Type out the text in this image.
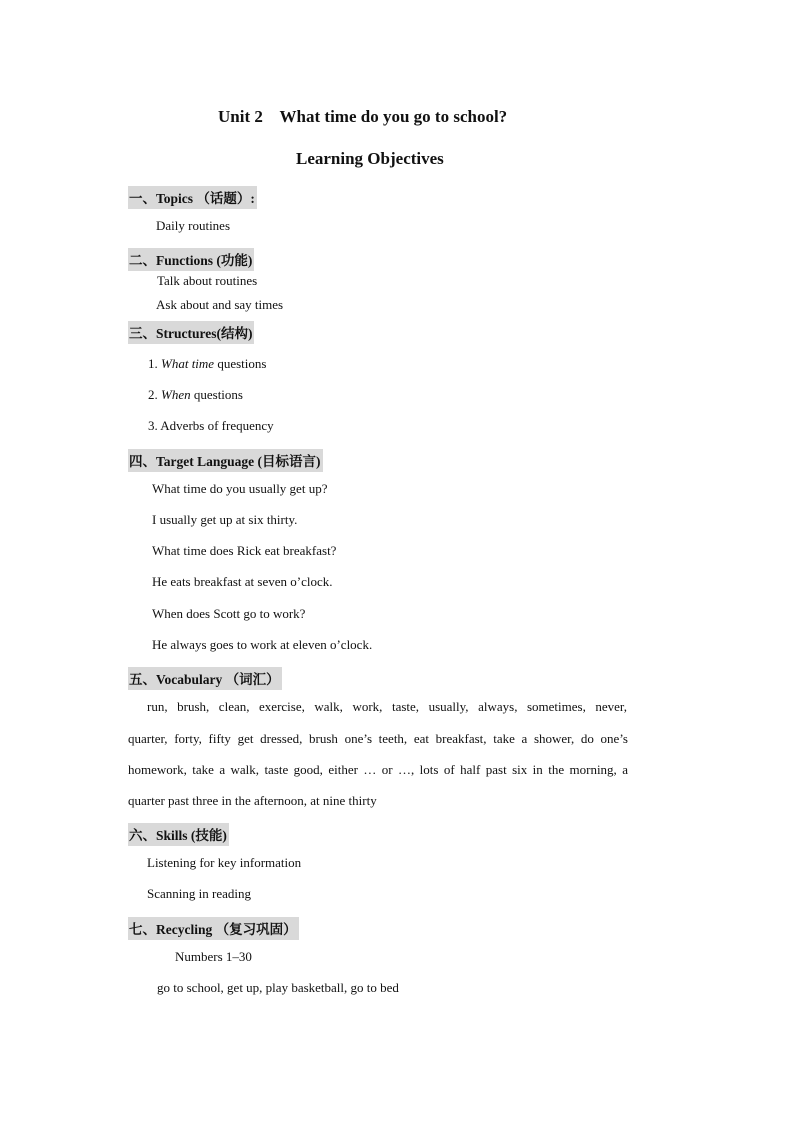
Unit 2    What time do you go to school?
Learning Objectives
一、Topics （话题）:
Daily routines
二、Functions (功能)
Talk about routines
Ask about and say times
三、Structures(结构)
1. What time questions
2. When questions
3. Adverbs of frequency
四、Target Language (目标语言)
What time do you usually get up?
I usually get up at six thirty.
What time does Rick eat breakfast?
He eats breakfast at seven o’clock.
When does Scott go to work?
He always goes to work at eleven o’clock.
五、Vocabulary （词汇）
run, brush, clean, exercise, walk, work, taste, usually, always, sometimes, never,
quarter, forty, fifty get dressed, brush one’s teeth, eat breakfast, take a shower, do one’s
homework, take a walk, taste good, either … or …, lots of half past six in the morning, a
quarter past three in the afternoon, at nine thirty
六、Skills (技能)
Listening for key information
Scanning in reading
七、Recycling （复习巩固）
Numbers 1–30
go to school, get up, play basketball, go to bed
